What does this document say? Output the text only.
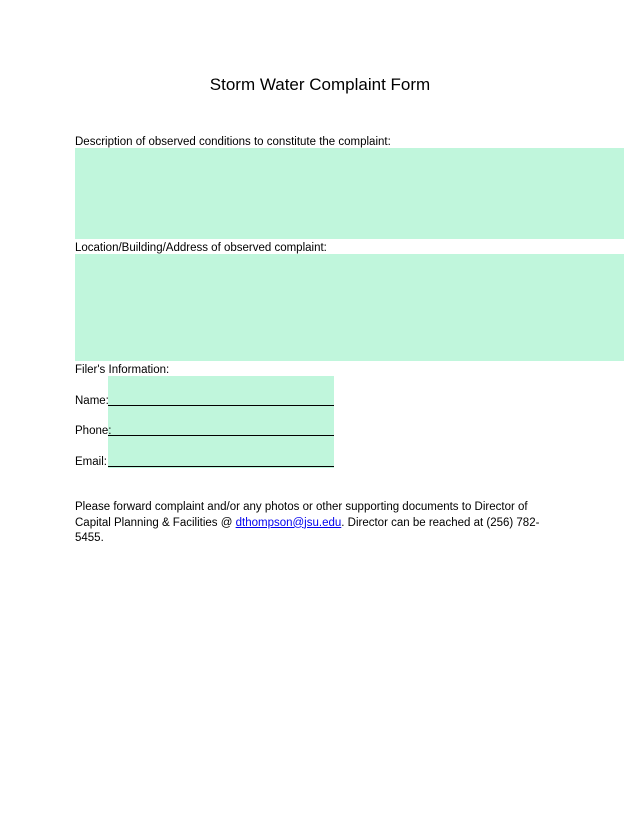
Storm Water Complaint Form
Description of observed conditions to constitute the complaint:
Location/Building/Address of observed complaint:
Filer's Information:
Name:
Phone:
Email:
Please forward complaint and/or any photos or other supporting documents to Director of Capital Planning & Facilities @ dthompson@jsu.edu. Director can be reached at (256) 782-5455.
